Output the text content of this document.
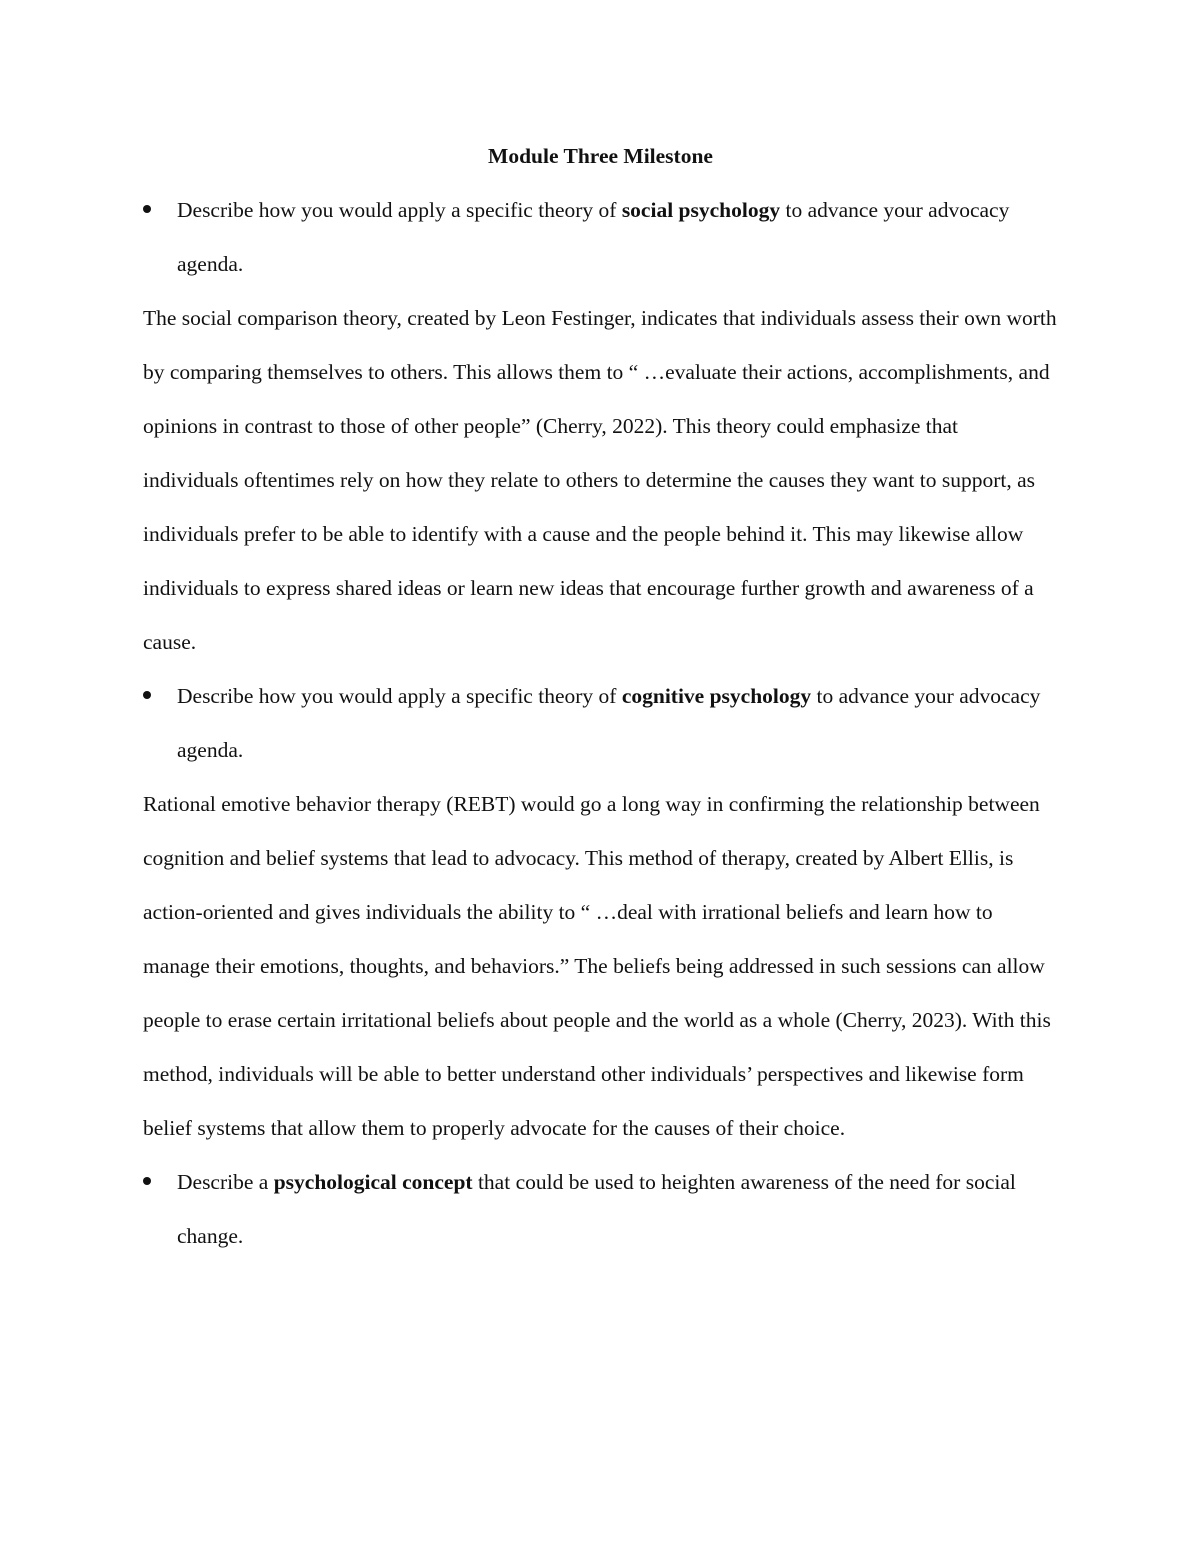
Module Three Milestone

Describe how you would apply a specific theory of social psychology to advance your advocacy agenda.

The social comparison theory, created by Leon Festinger, indicates that individuals assess their own worth by comparing themselves to others. This allows them to “ …evaluate their actions, accomplishments, and opinions in contrast to those of other people” (Cherry, 2022). This theory could emphasize that individuals oftentimes rely on how they relate to others to determine the causes they want to support, as individuals prefer to be able to identify with a cause and the people behind it. This may likewise allow individuals to express shared ideas or learn new ideas that encourage further growth and awareness of a cause.

Describe how you would apply a specific theory of cognitive psychology to advance your advocacy agenda.

Rational emotive behavior therapy (REBT) would go a long way in confirming the relationship between cognition and belief systems that lead to advocacy. This method of therapy, created by Albert Ellis, is action-oriented and gives individuals the ability to “ …deal with irrational beliefs and learn how to manage their emotions, thoughts, and behaviors.” The beliefs being addressed in such sessions can allow people to erase certain irritational beliefs about people and the world as a whole (Cherry, 2023). With this method, individuals will be able to better understand other individuals’ perspectives and likewise form belief systems that allow them to properly advocate for the causes of their choice.

Describe a psychological concept that could be used to heighten awareness of the need for social change.
